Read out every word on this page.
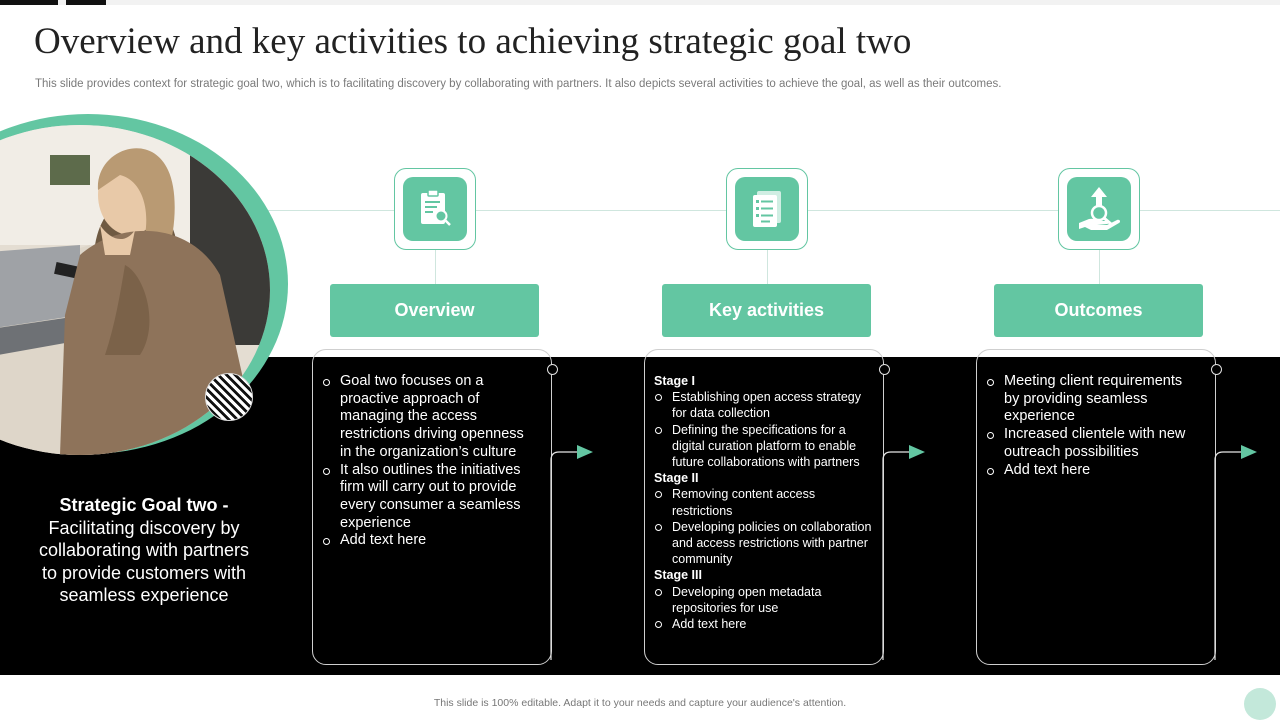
Overview and key activities to achieving strategic goal two

This slide provides context for strategic goal two, which is to facilitating discovery by collaborating with partners. It also depicts several activities to achieve the goal, as well as their outcomes.

Strategic Goal two -
Facilitating discovery by collaborating with partners to provide customers with seamless experience

Overview
Goal two focuses on a proactive approach of managing the access restrictions driving openness in the organization’s culture
It also outlines the initiatives firm will carry out to provide every consumer a seamless experience
Add text here
Key activities
Stage I
Establishing open access strategy for data collection
Defining the specifications for a digital curation platform to enable future collaborations with partners
Stage II
Removing content access restrictions
Developing policies on collaboration and access restrictions with partner community
Stage III
Developing open metadata repositories for use
Add text here
Outcomes
Meeting client requirements by providing seamless experience
Increased clientele with new outreach possibilities
Add text here

This slide is 100% editable. Adapt it to your needs and capture your audience's attention.
